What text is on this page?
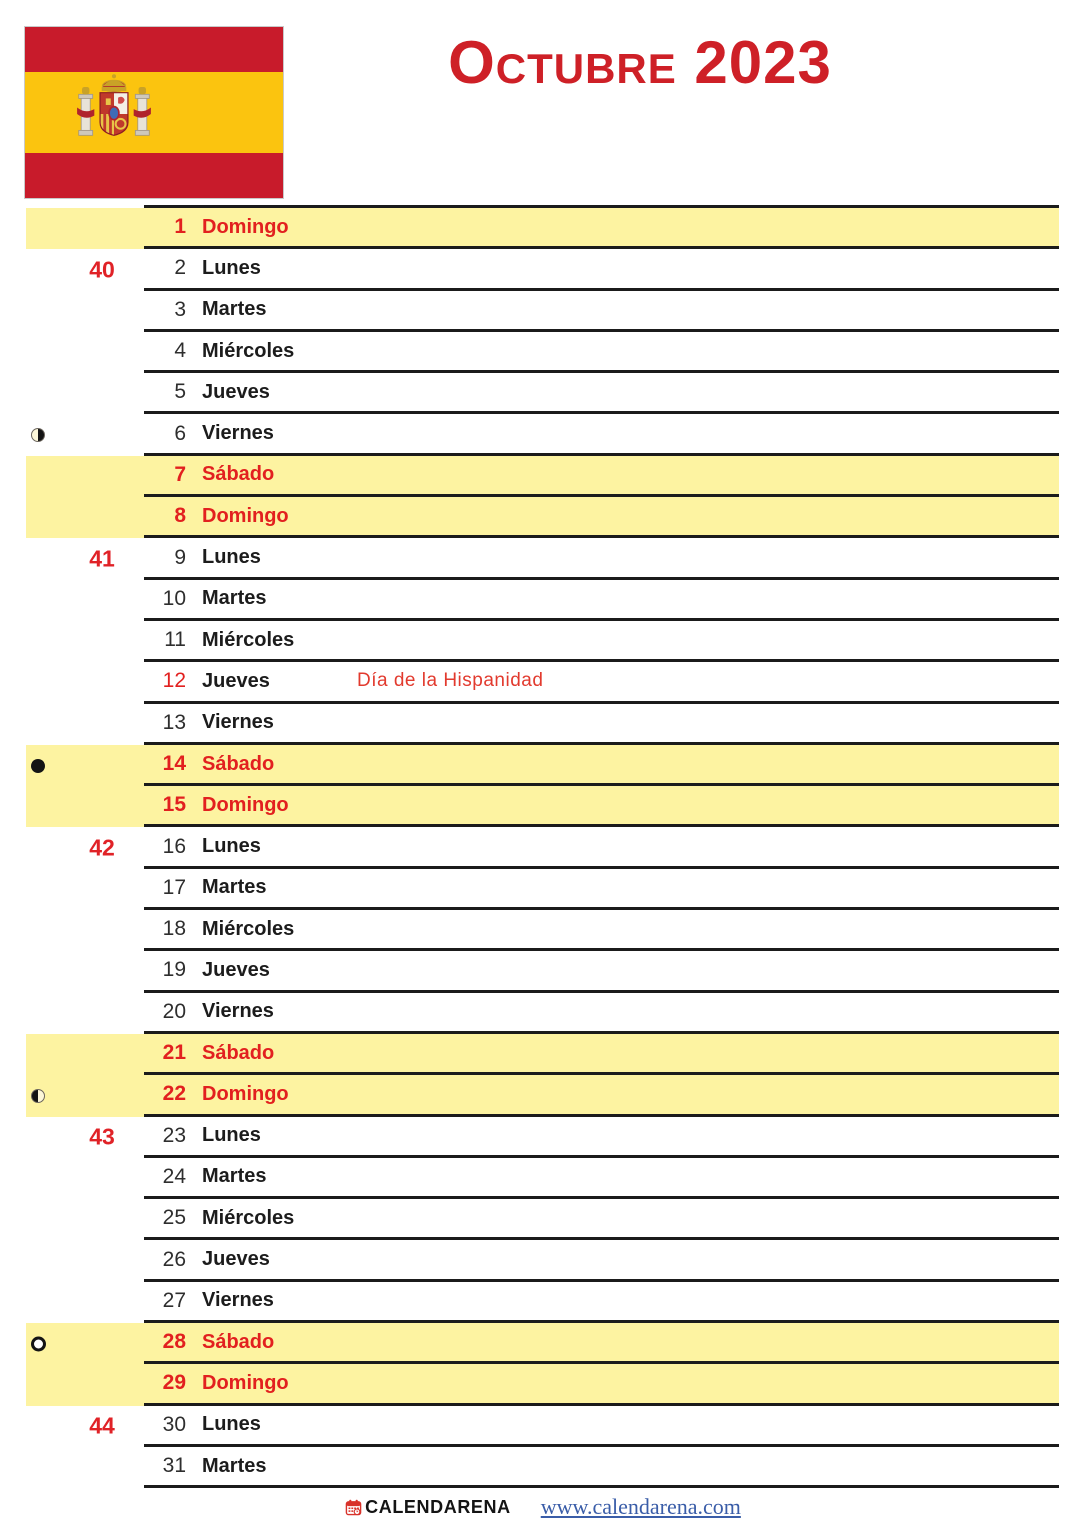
Octubre 2023
1 Domingo
40	2 Lunes
3 Martes
4 Miércoles
5 Jueves
6 Viernes
7 Sábado
8 Domingo
41	9 Lunes
10 Martes
11 Miércoles
12 Jueves	Día de la Hispanidad
13 Viernes
14 Sábado
15 Domingo
42	16 Lunes
17 Martes
18 Miércoles
19 Jueves
20 Viernes
21 Sábado
22 Domingo
43	23 Lunes
24 Martes
25 Miércoles
26 Jueves
27 Viernes
28 Sábado
29 Domingo
44	30 Lunes
31 Martes
CALENDARENA www.calendarena.com
